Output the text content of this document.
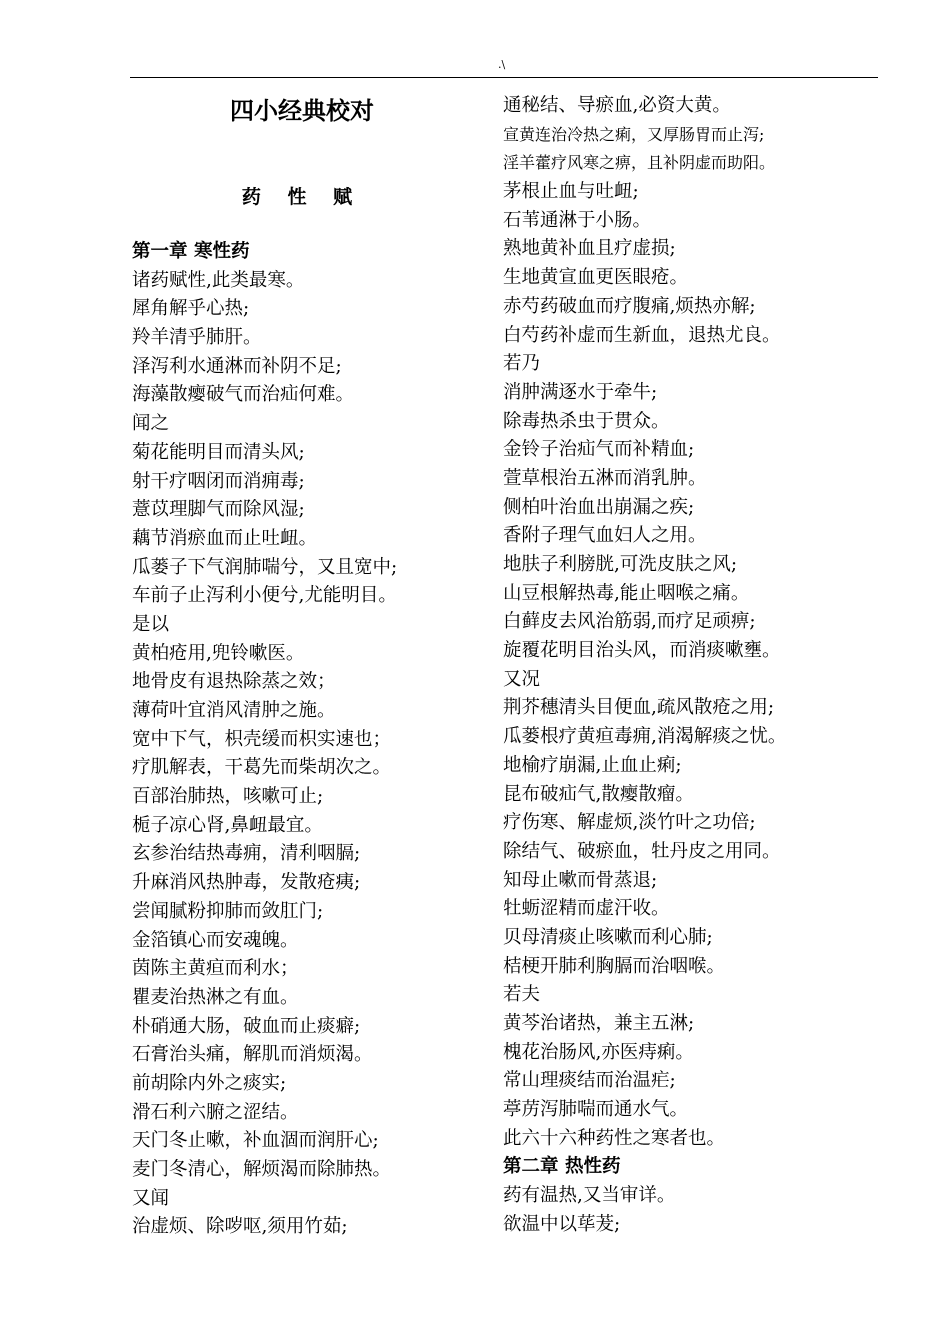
.\
四小经典校对
药 性 赋
第一章 寒性药
诸药赋性,此类最寒。
犀角解乎心热;
羚羊清乎肺肝。
泽泻利水通淋而补阴不足;
海藻散瘿破气而治疝何难。
闻之
菊花能明目而清头风;
射干疗咽闭而消痈毒;
薏苡理脚气而除风湿;
藕节消瘀血而止吐衄。
瓜蒌子下气润肺喘兮，又且宽中;
车前子止泻利小便兮,尤能明目。
是以
黄柏疮用,兜铃嗽医。
地骨皮有退热除蒸之效；
薄荷叶宜消风清肿之施。
宽中下气，枳壳缓而枳实速也；
疗肌解表，干葛先而柴胡次之。
百部治肺热，咳嗽可止;
栀子凉心肾,鼻衄最宜。
玄参治结热毒痈，清利咽膈;
升麻消风热肿毒，发散疮痍;
尝闻腻粉抑肺而敛肛门;
金箔镇心而安魂魄。
茵陈主黄疸而利水；
瞿麦治热淋之有血。
朴硝通大肠，破血而止痰癖;
石膏治头痛，解肌而消烦渴。
前胡除内外之痰实;
滑石利六腑之涩结。
天门冬止嗽，补血涸而润肝心;
麦门冬清心，解烦渴而除肺热。
又闻
治虚烦、除哕呕,须用竹茹;
通秘结、导瘀血,必资大黄。
宣黄连治冷热之痢，又厚肠胃而止泻;
淫羊藿疗风寒之痹，且补阴虚而助阳。
茅根止血与吐衄;
石苇通淋于小肠。
熟地黄补血且疗虚损;
生地黄宣血更医眼疮。
赤芍药破血而疗腹痛,烦热亦解;
白芍药补虚而生新血，退热尤良。
若乃
消肿满逐水于牵牛;
除毒热杀虫于贯众。
金铃子治疝气而补精血;
萱草根治五淋而消乳肿。
侧柏叶治血出崩漏之疾;
香附子理气血妇人之用。
地肤子利膀胱,可洗皮肤之风;
山豆根解热毒,能止咽喉之痛。
白藓皮去风治筋弱,而疗足顽痹;
旋覆花明目治头风，而消痰嗽壅。
又况
荆芥穗清头目便血,疏风散疮之用;
瓜蒌根疗黄疸毒痈,消渴解痰之忧。
地榆疗崩漏,止血止痢;
昆布破疝气,散瘿散瘤。
疗伤寒、解虚烦,淡竹叶之功倍;
除结气、破瘀血，牡丹皮之用同。
知母止嗽而骨蒸退;
牡蛎涩精而虚汗收。
贝母清痰止咳嗽而利心肺;
桔梗开肺利胸膈而治咽喉。
若夫
黄芩治诸热，兼主五淋;
槐花治肠风,亦医痔痢。
常山理痰结而治温疟;
葶苈泻肺喘而通水气。
此六十六种药性之寒者也。
第二章 热性药
药有温热,又当审详。
欲温中以荜茇;
